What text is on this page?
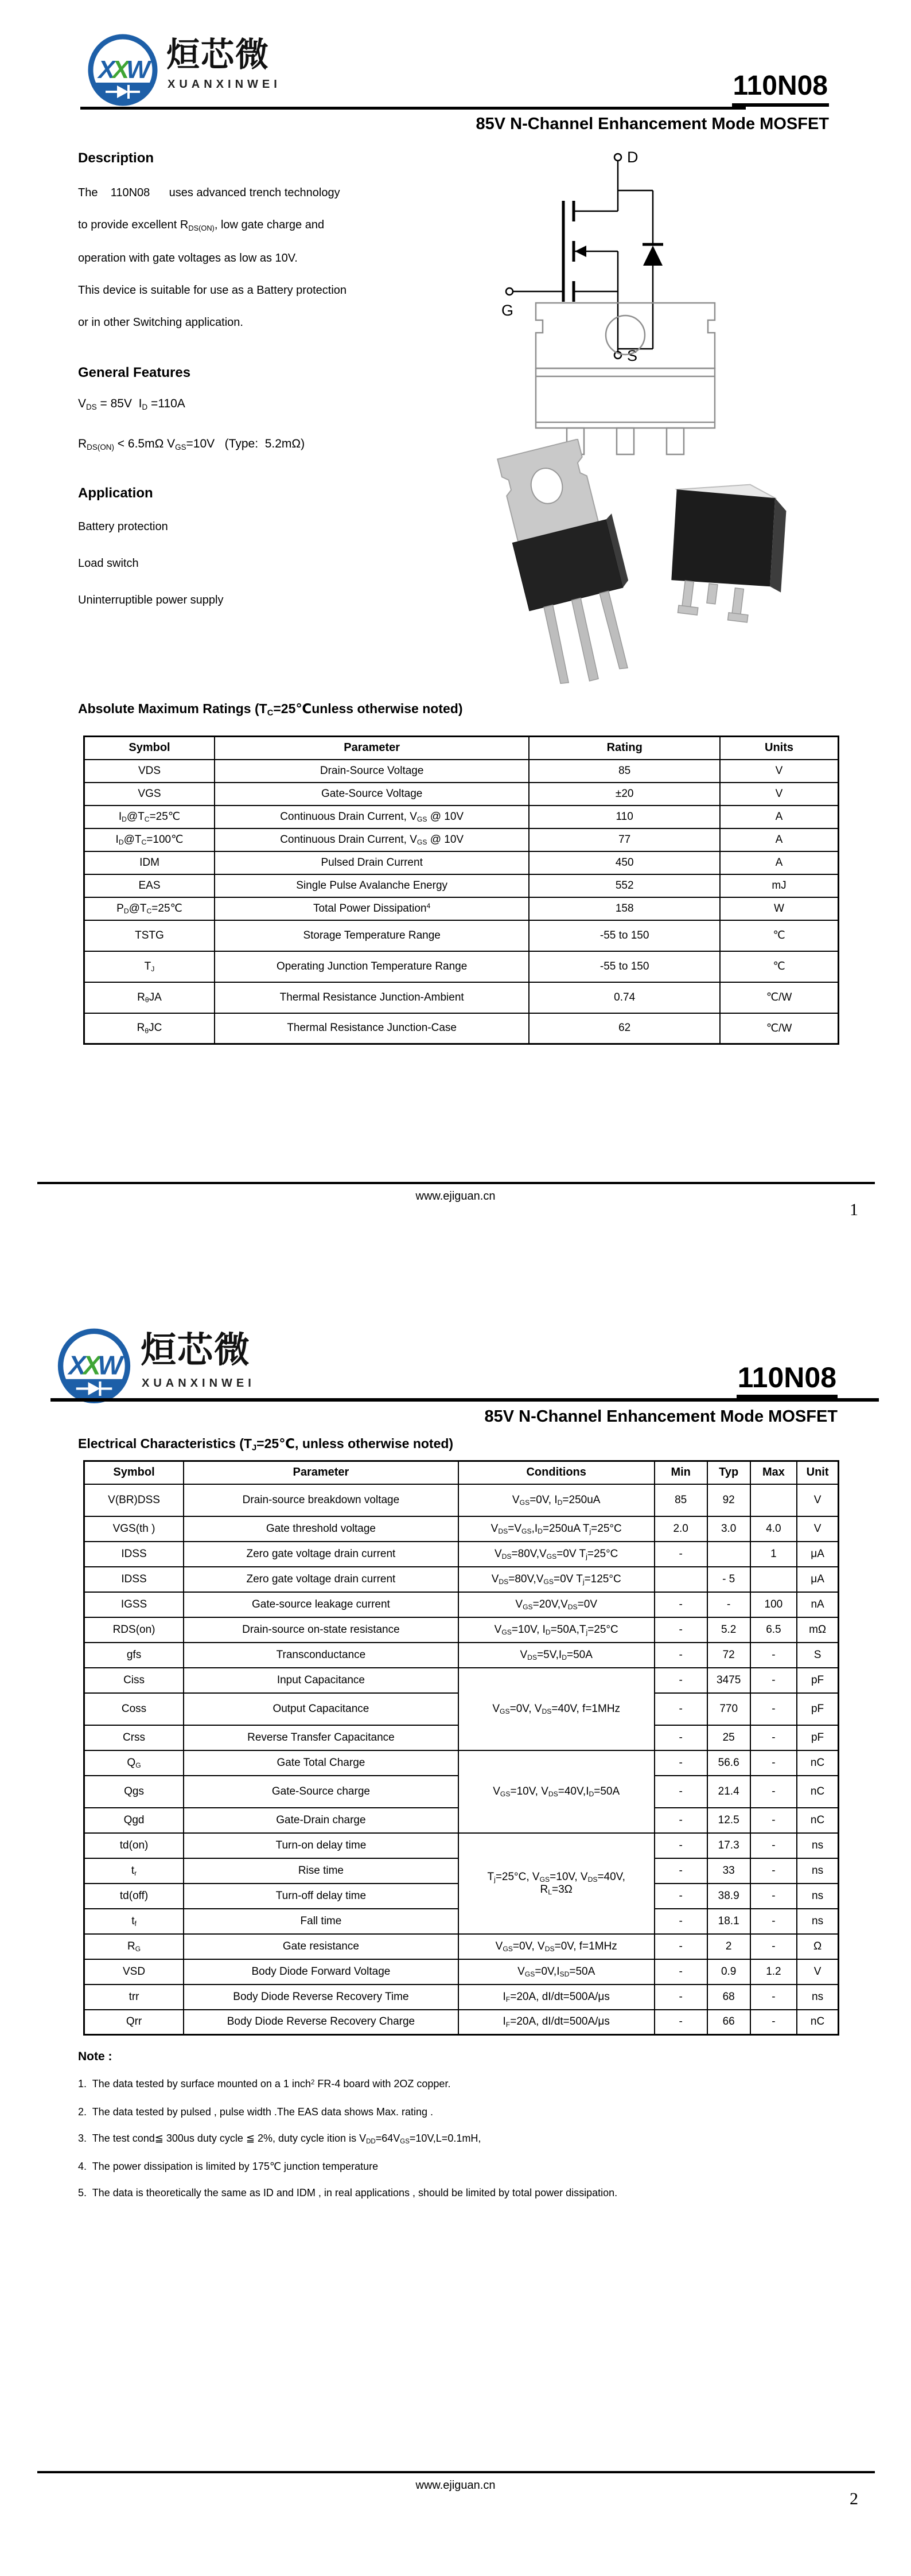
XXW 烜芯微
XUANXINWEI	110N08
85V N-Channel Enhancement Mode MOSFET
Description
The    110N08      uses advanced trench technology
to provide excellent $R_{DS(ON)}$, low gate charge and
operation with gate voltages as low as 10V.
This device is suitable for use as a Battery protection
or in other Switching application.
General Features
$V_{DS} = 85V$  $I_D =110A$
$R_{DS(ON)} < 6.5m\Omega$ $V_{GS}=10V$   (Type:  5.2mΩ)
Application
Battery protection
Load switch
Uninterruptible power supply
D
G
S
Absolute Maximum Ratings ($T_C=25℃unless$ otherwise noted)
Symbol	Parameter	Rating	Units
VDS	Drain-Source Voltage	85	V
VGS	Gate-Source Voltage	±20	V
$I_D@T_C=25℃$	Continuous Drain Current, $V_{GS}$ @ 10V	110	A
$I_D@T_C=100℃$	Continuous Drain Current, $V_{GS}$ @ 10V	77	A
IDM	Pulsed Drain Current	450	A
EAS	Single Pulse Avalanche Energy	552	mJ
$P_D@T_C=25℃$	Total Power Dissipation$^4$	158	W
TSTG	Storage Temperature Range	-55 to 150	℃
$T_J$	Operating Junction Temperature Range	-55 to 150	℃
$R_\theta JA$	Thermal Resistance Junction-Ambient	0.74	℃/W
$R_\theta JC$	Thermal Resistance Junction-Case	62	℃/W
www.ejiguan.cn
1
XXW 烜芯微
XUANXINWEI	110N08
85V N-Channel Enhancement Mode MOSFET
Electrical Characteristics ($T_J=25℃$, unless otherwise noted)
Symbol	Parameter	Conditions	Min	Typ	Max	Unit
V(BR)DSS	Drain-source breakdown voltage	$V_{GS}=0V$, $I_D=250uA$	85	92		V
VGS(th )	Gate threshold voltage	$V_{DS}=V_{GS},I_D=250uA$ $T_j=25^\circ C$	2.0	3.0	4.0	V
IDSS	Zero gate voltage drain current	$V_{DS}=80V,V_{GS}=0V$ $T_j=25^\circ C$	-		1	μA
IDSS	Zero gate voltage drain current	$V_{DS}=80V,V_{GS}=0V$ $T_j=125^\circ C$		- 5		μA
IGSS	Gate-source leakage current	$V_{GS}=20V,V_{DS}=0V$	-	-	100	nA
RDS(on)	Drain-source on-state resistance	$V_{GS}=10V$, $I_D=50A,T_j=25^\circ C$	-	5.2	6.5	mΩ
gfs	Transconductance	$V_{DS}=5V,I_D=50A$	-	72	-	S
Ciss	Input Capacitance	$V_{GS}=0V$, $V_{DS}=40V$, f=1MHz	-	3475	-	pF
Coss	Output Capacitance		-	770	-	pF
Crss	Reverse Transfer Capacitance		-	25	-	pF
$Q_G$	Gate Total Charge	$V_{GS}=10V$, $V_{DS}=40V,I_D=50A$	-	56.6	-	nC
Qgs	Gate-Source charge		-	21.4	-	nC
Qgd	Gate-Drain charge		-	12.5	-	nC
td(on)	Turn-on delay time	$T_j=25^\circ C$, $V_{GS}=10V$, $V_{DS}=40V$,
$R_L=3\Omega$	-	17.3	-	ns
$t_r$	Rise time		-	33	-	ns
td(off)	Turn-off delay time		-	38.9	-	ns
$t_f$	Fall time		-	18.1	-	ns
$R_G$	Gate resistance	$V_{GS}=0V$, $V_{DS}=0V$, f=1MHz	-	2	-	Ω
VSD	Body Diode Forward Voltage	$V_{GS}=0V,I_{SD}=50A$	-	0.9	1.2	V
trr	Body Diode Reverse Recovery Time	$I_F=20A$, dI/dt=500A/μs	-	68	-	ns
Qrr	Body Diode Reverse Recovery Charge	$I_F=20A$, dI/dt=500A/μs	-	66	-	nC
Note :
1.  The data tested by surface mounted on a 1 inch$^2$ FR-4 board with 2OZ copper.
2.  The data tested by pulsed , pulse width .The EAS data shows Max. rating .
3.  The test cond≦ 300us duty cycle ≦ 2%, duty cycle ition is $V_{DD}=64V_{GS}=10V,L=0.1mH$,
4.  The power dissipation is limited by 175℃ junction temperature
5.  The data is theoretically the same as ID and IDM , in real applications , should be limited by total power dissipation.
www.ejiguan.cn
2
